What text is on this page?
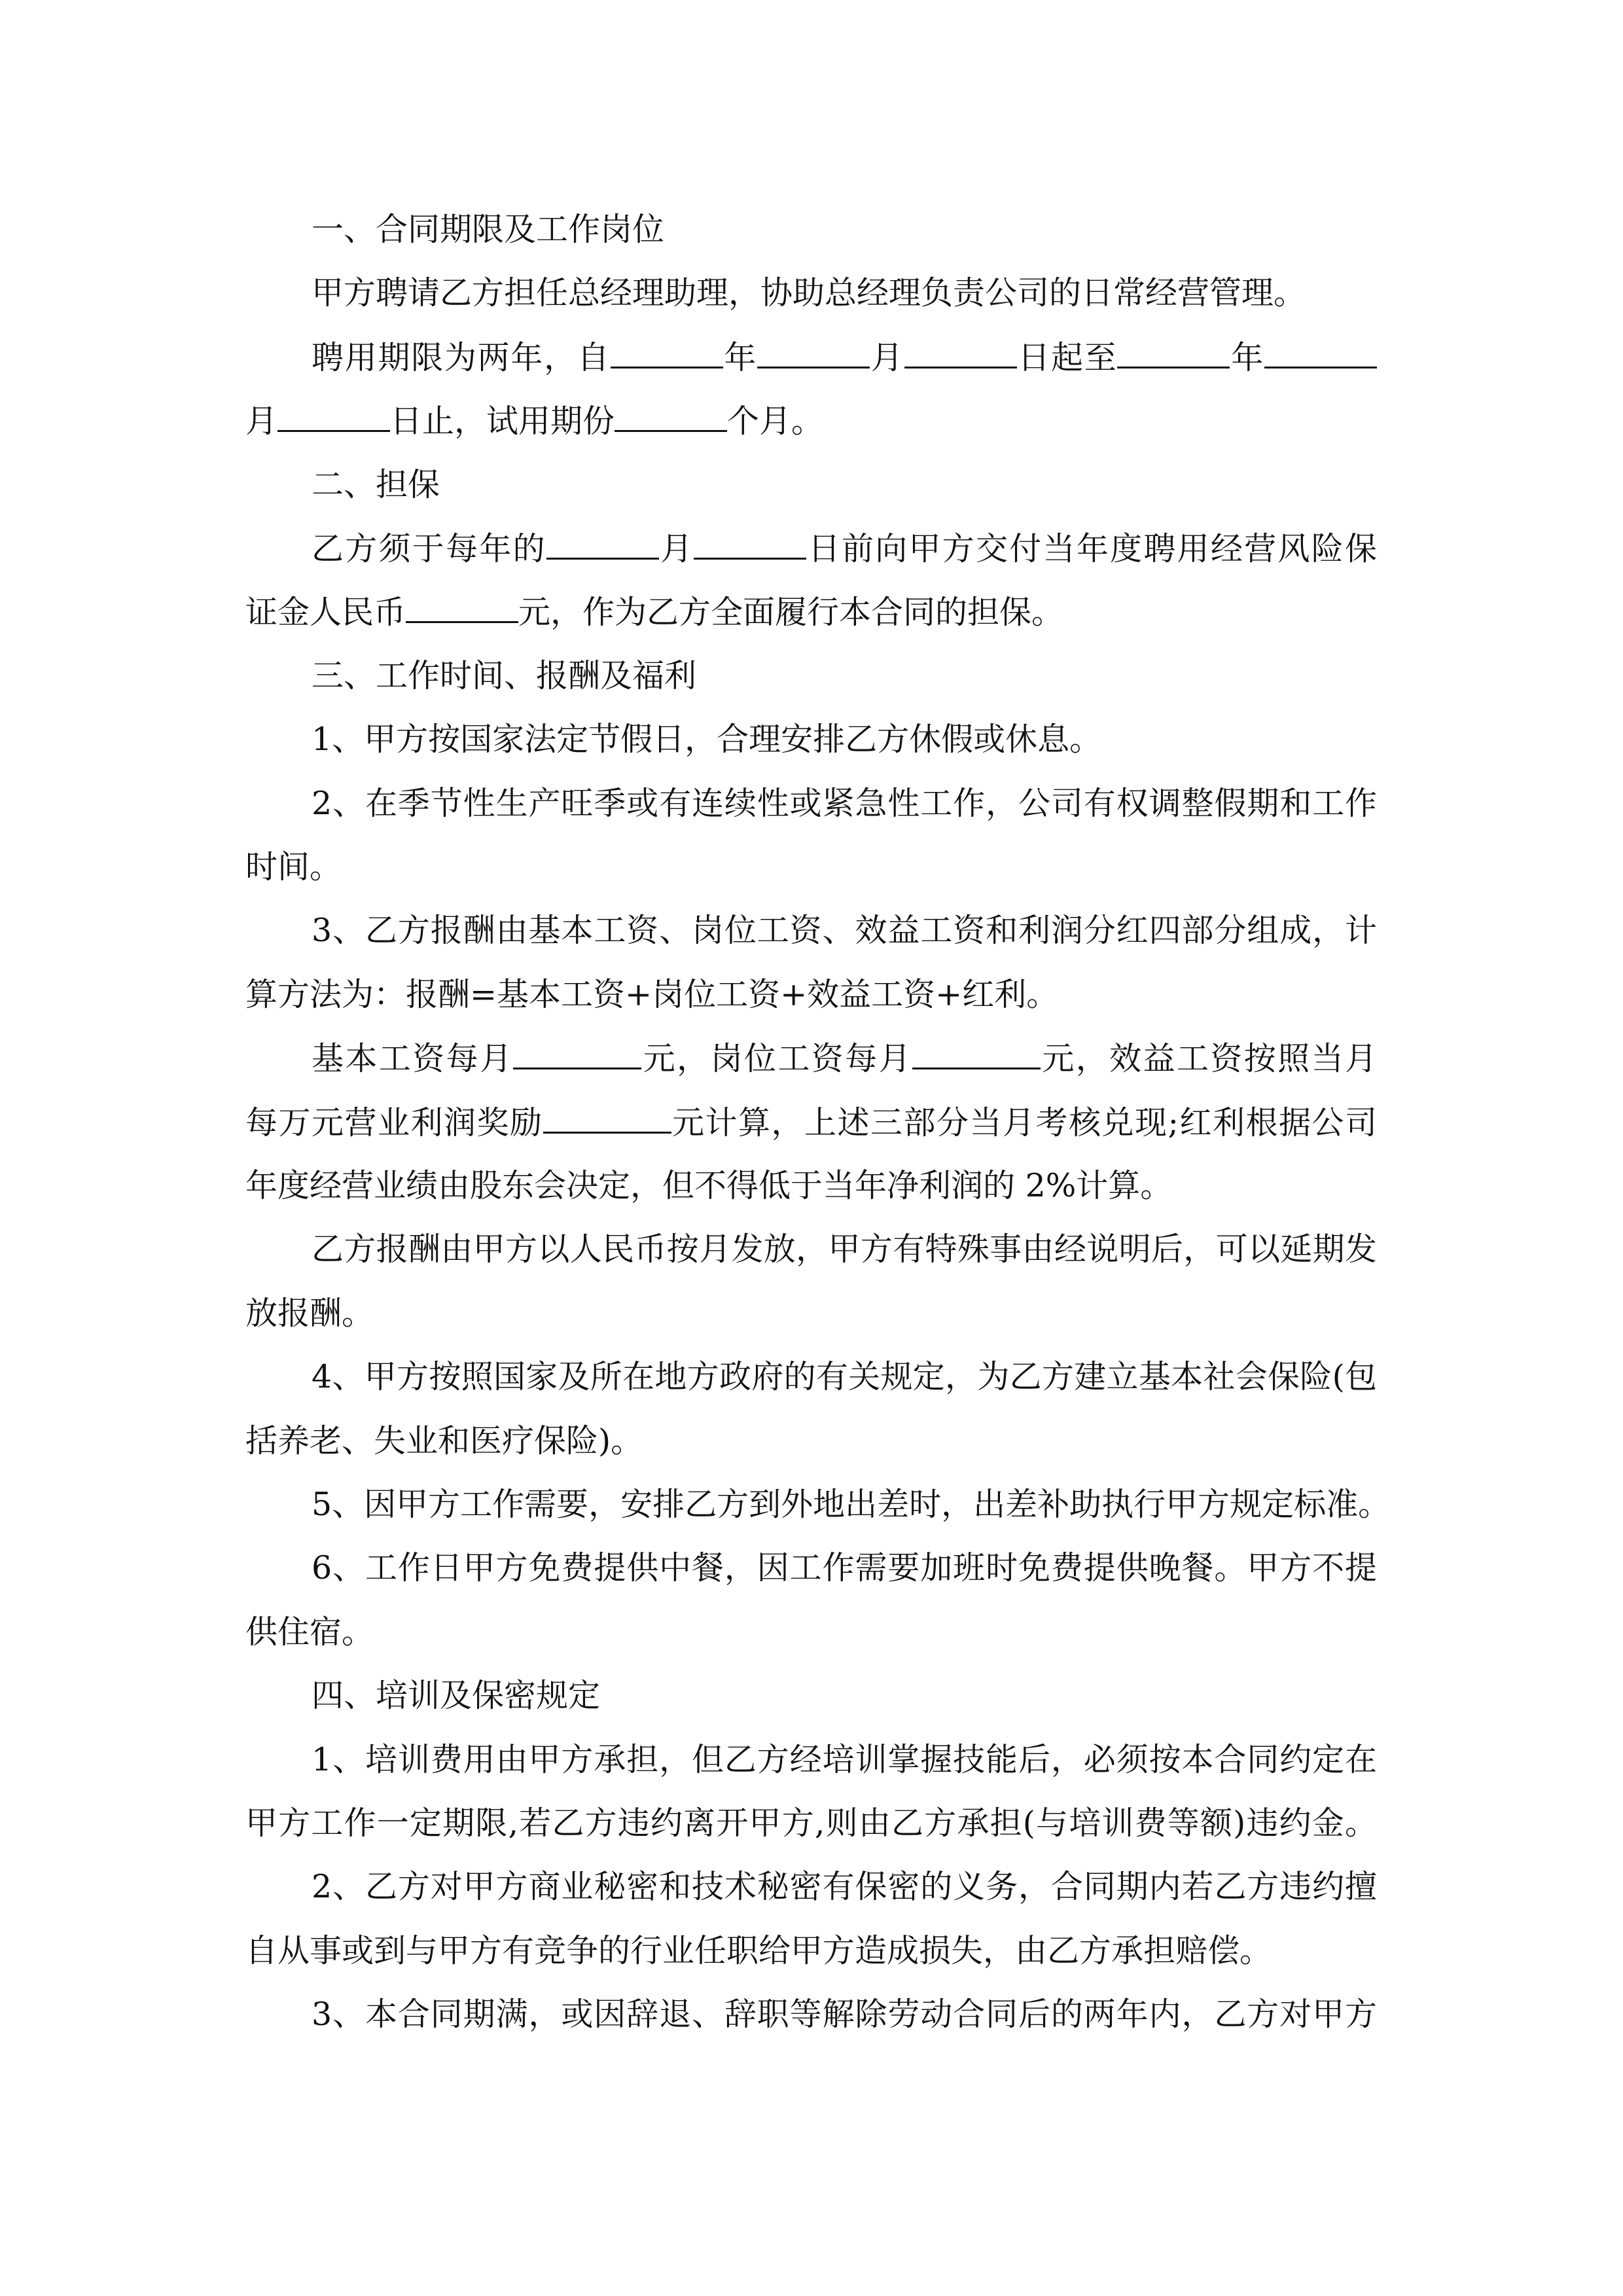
一、合同期限及工作岗位
甲方聘请乙方担任总经理助理，协助总经理负责公司的日常经营管理。
聘用期限为两年，自	年	月	日起至	年
月	日止，试用期份	个月。
二、担保
乙方须于每年的	月	日前向甲方交付当年度聘用经营风险保
证金人民币	元，作为乙方全面履行本合同的担保。
三、工作时间、报酬及福利
1、甲方按国家法定节假日，合理安排乙方休假或休息。
2、在季节性生产旺季或有连续性或紧急性工作，公司有权调整假期和工作
时间。
3、乙方报酬由基本工资、岗位工资、效益工资和利润分红四部分组成，计
算方法为：报酬=基本工资+岗位工资+效益工资+红利。
基本工资每月	元，岗位工资每月	元，效益工资按照当月
每万元营业利润奖励	元计算，上述三部分当月考核兑现;红利根据公司
年度经营业绩由股东会决定，但不得低于当年净利润的 2%计算。
乙方报酬由甲方以人民币按月发放，甲方有特殊事由经说明后，可以延期发
放报酬。
4、甲方按照国家及所在地方政府的有关规定，为乙方建立基本社会保险(包
括养老、失业和医疗保险)。
5、因甲方工作需要，安排乙方到外地出差时，出差补助执行甲方规定标准。
6、工作日甲方免费提供中餐，因工作需要加班时免费提供晚餐。甲方不提
供住宿。
四、培训及保密规定
1、培训费用由甲方承担，但乙方经培训掌握技能后，必须按本合同约定在
甲方工作一定期限,若乙方违约离开甲方,则由乙方承担(与培训费等额)违约金。
2、乙方对甲方商业秘密和技术秘密有保密的义务，合同期内若乙方违约擅
自从事或到与甲方有竞争的行业任职给甲方造成损失，由乙方承担赔偿。
3、本合同期满，或因辞退、辞职等解除劳动合同后的两年内，乙方对甲方
